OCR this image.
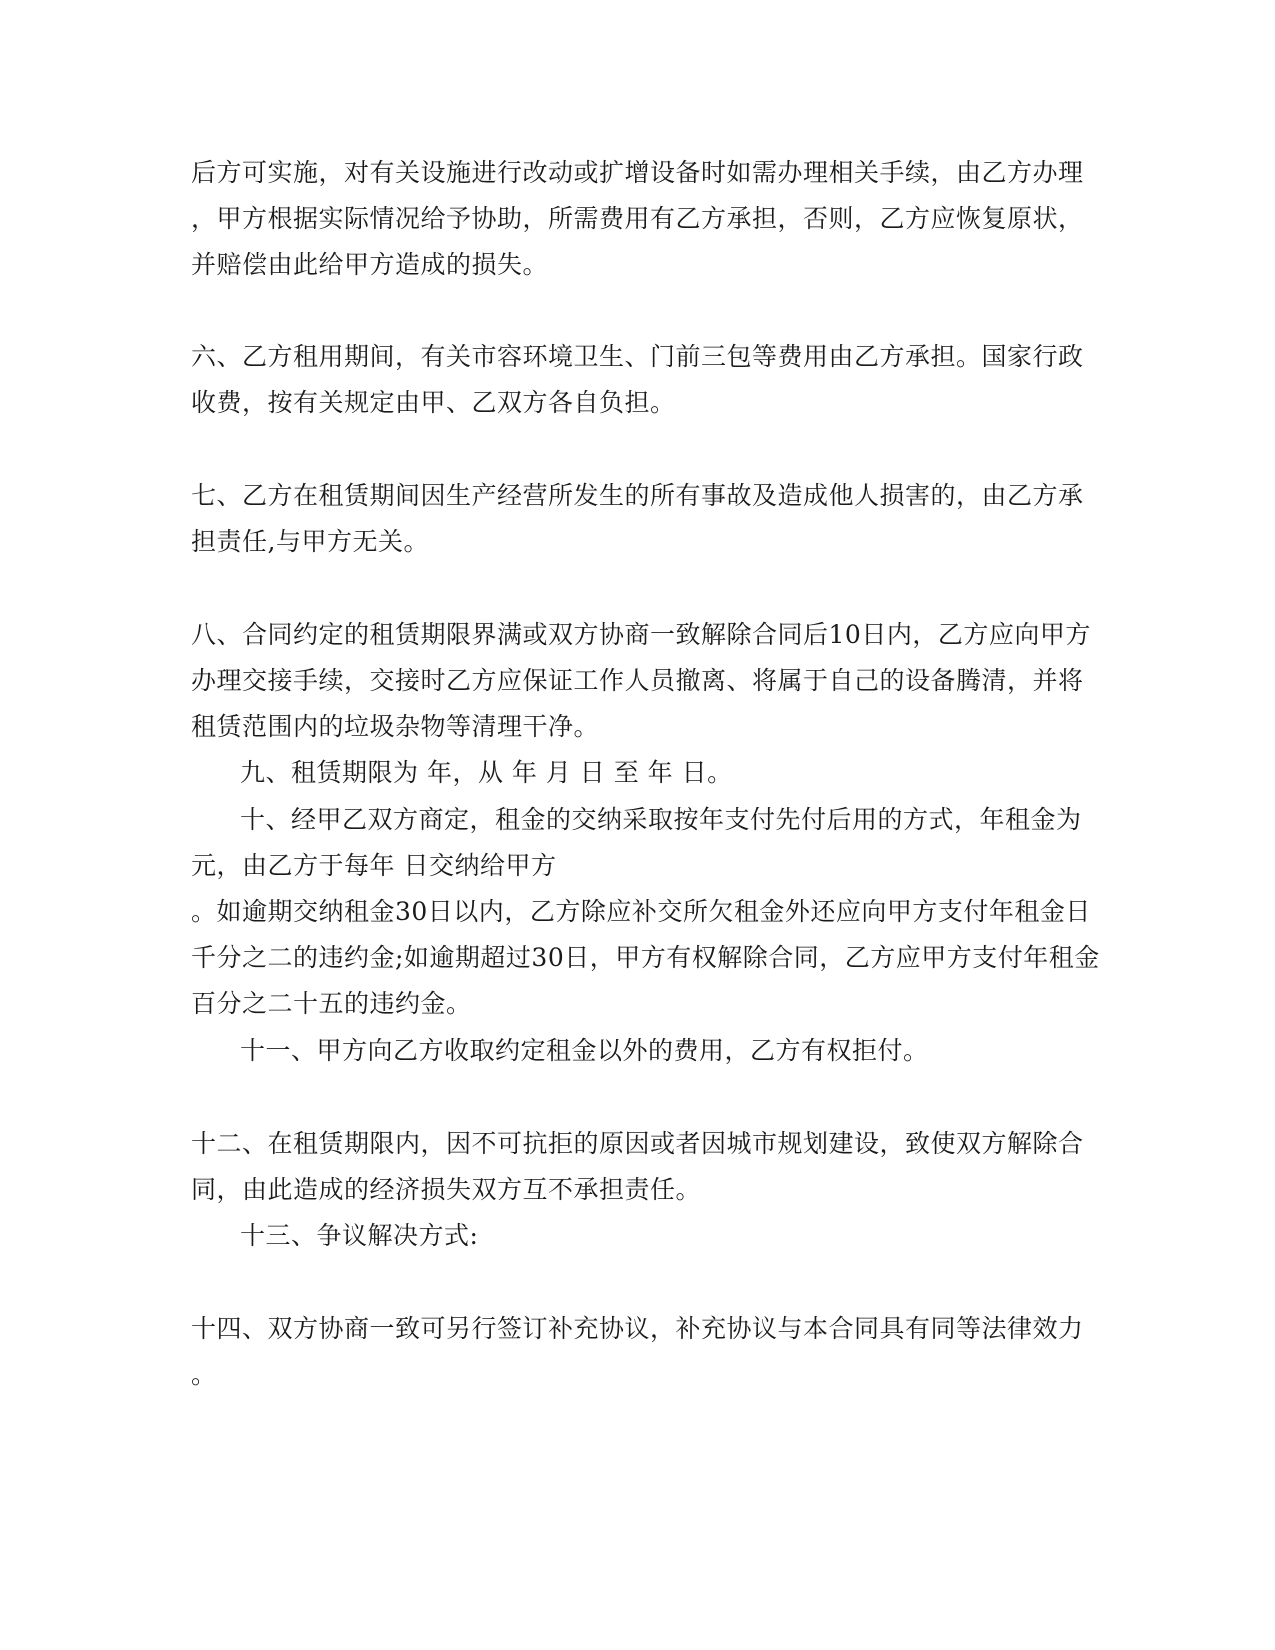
后方可实施，对有关设施进行改动或扩增设备时如需办理相关手续，由乙方办理
，甲方根据实际情况给予协助，所需费用有乙方承担，否则，乙方应恢复原状，
并赔偿由此给甲方造成的损失。
六、乙方租用期间，有关市容环境卫生、门前三包等费用由乙方承担。国家行政
收费，按有关规定由甲、乙双方各自负担。
七、乙方在租赁期间因生产经营所发生的所有事故及造成他人损害的，由乙方承
担责任,与甲方无关。
八、合同约定的租赁期限界满或双方协商一致解除合同后10日内，乙方应向甲方
办理交接手续，交接时乙方应保证工作人员撤离、将属于自己的设备腾清，并将
租赁范围内的垃圾杂物等清理干净。
九、租赁期限为 年，从 年 月 日 至 年 日。
十、经甲乙双方商定，租金的交纳采取按年支付先付后用的方式，年租金为
元，由乙方于每年 日交纳给甲方
。如逾期交纳租金30日以内，乙方除应补交所欠租金外还应向甲方支付年租金日
千分之二的违约金;如逾期超过30日，甲方有权解除合同，乙方应甲方支付年租金
百分之二十五的违约金。
十一、甲方向乙方收取约定租金以外的费用，乙方有权拒付。
十二、在租赁期限内，因不可抗拒的原因或者因城市规划建设，致使双方解除合
同，由此造成的经济损失双方互不承担责任。
十三、争议解决方式:
十四、双方协商一致可另行签订补充协议，补充协议与本合同具有同等法律效力
。
